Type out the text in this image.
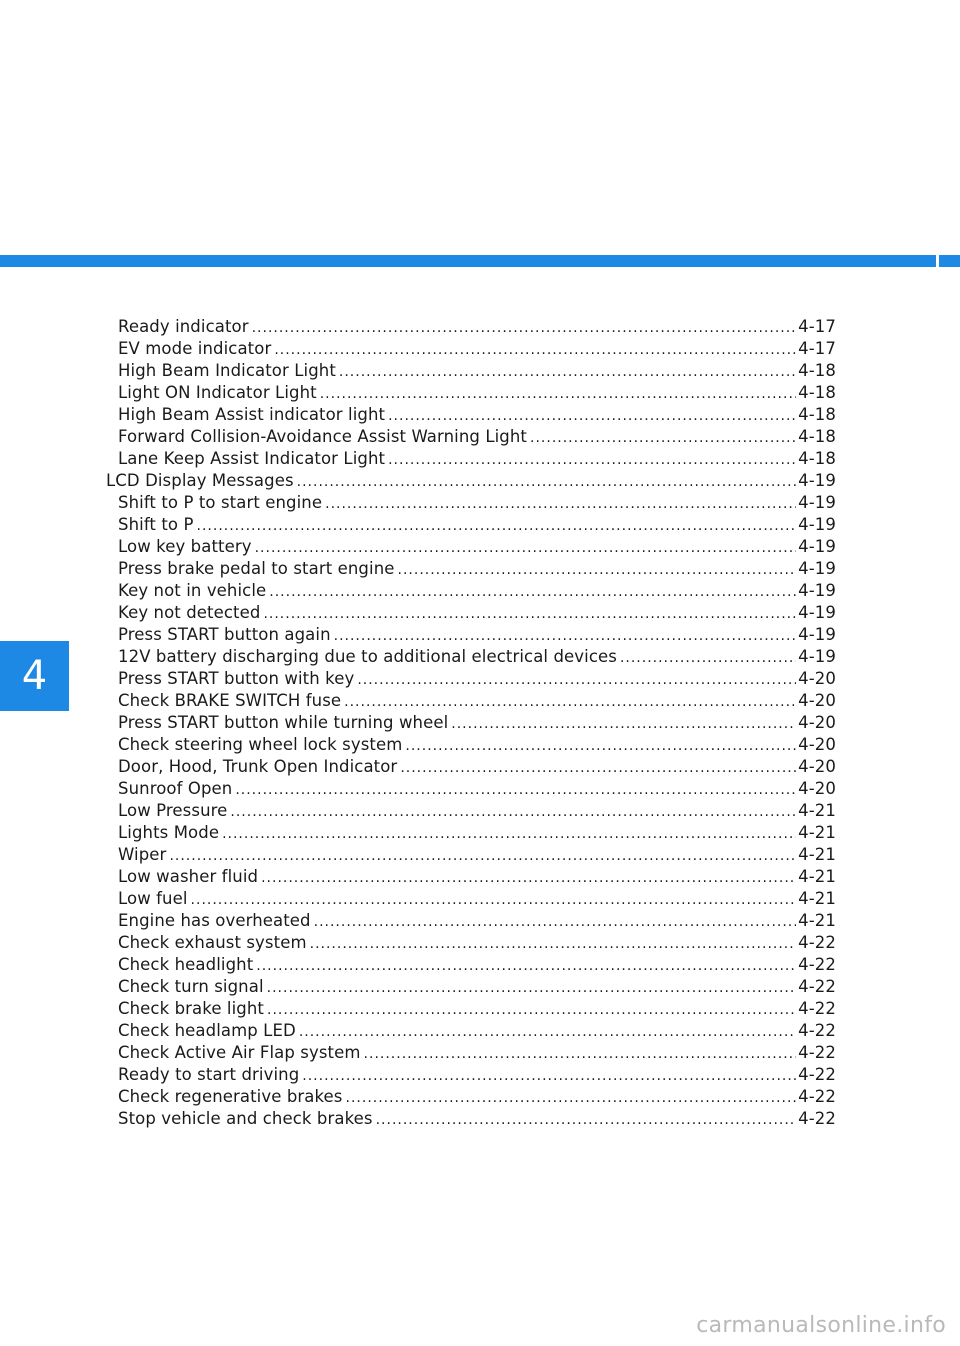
4
Ready indicator .....	4-17
EV mode indicator .....	4-17
High Beam Indicator Light .....	4-18
Light ON Indicator Light .....	4-18
High Beam Assist indicator light .....	4-18
Forward Collision-Avoidance Assist Warning Light .....	4-18
Lane Keep Assist Indicator Light .....	4-18
LCD Display Messages .....	4-19
Shift to P to start engine .....	4-19
Shift to P .....	4-19
Low key battery .....	4-19
Press brake pedal to start engine .....	4-19
Key not in vehicle .....	4-19
Key not detected .....	4-19
Press START button again .....	4-19
12V battery discharging due to additional electrical devices .....	4-19
Press START button with key .....	4-20
Check BRAKE SWITCH fuse .....	4-20
Press START button while turning wheel .....	4-20
Check steering wheel lock system .....	4-20
Door, Hood, Trunk Open Indicator .....	4-20
Sunroof Open .....	4-20
Low Pressure .....	4-21
Lights Mode .....	4-21
Wiper .....	4-21
Low washer fluid .....	4-21
Low fuel .....	4-21
Engine has overheated .....	4-21
Check exhaust system .....	4-22
Check headlight .....	4-22
Check turn signal .....	4-22
Check brake light .....	4-22
Check headlamp LED .....	4-22
Check Active Air Flap system .....	4-22
Ready to start driving .....	4-22
Check regenerative brakes .....	4-22
Stop vehicle and check brakes .....	4-22
carmanualsonline.info
